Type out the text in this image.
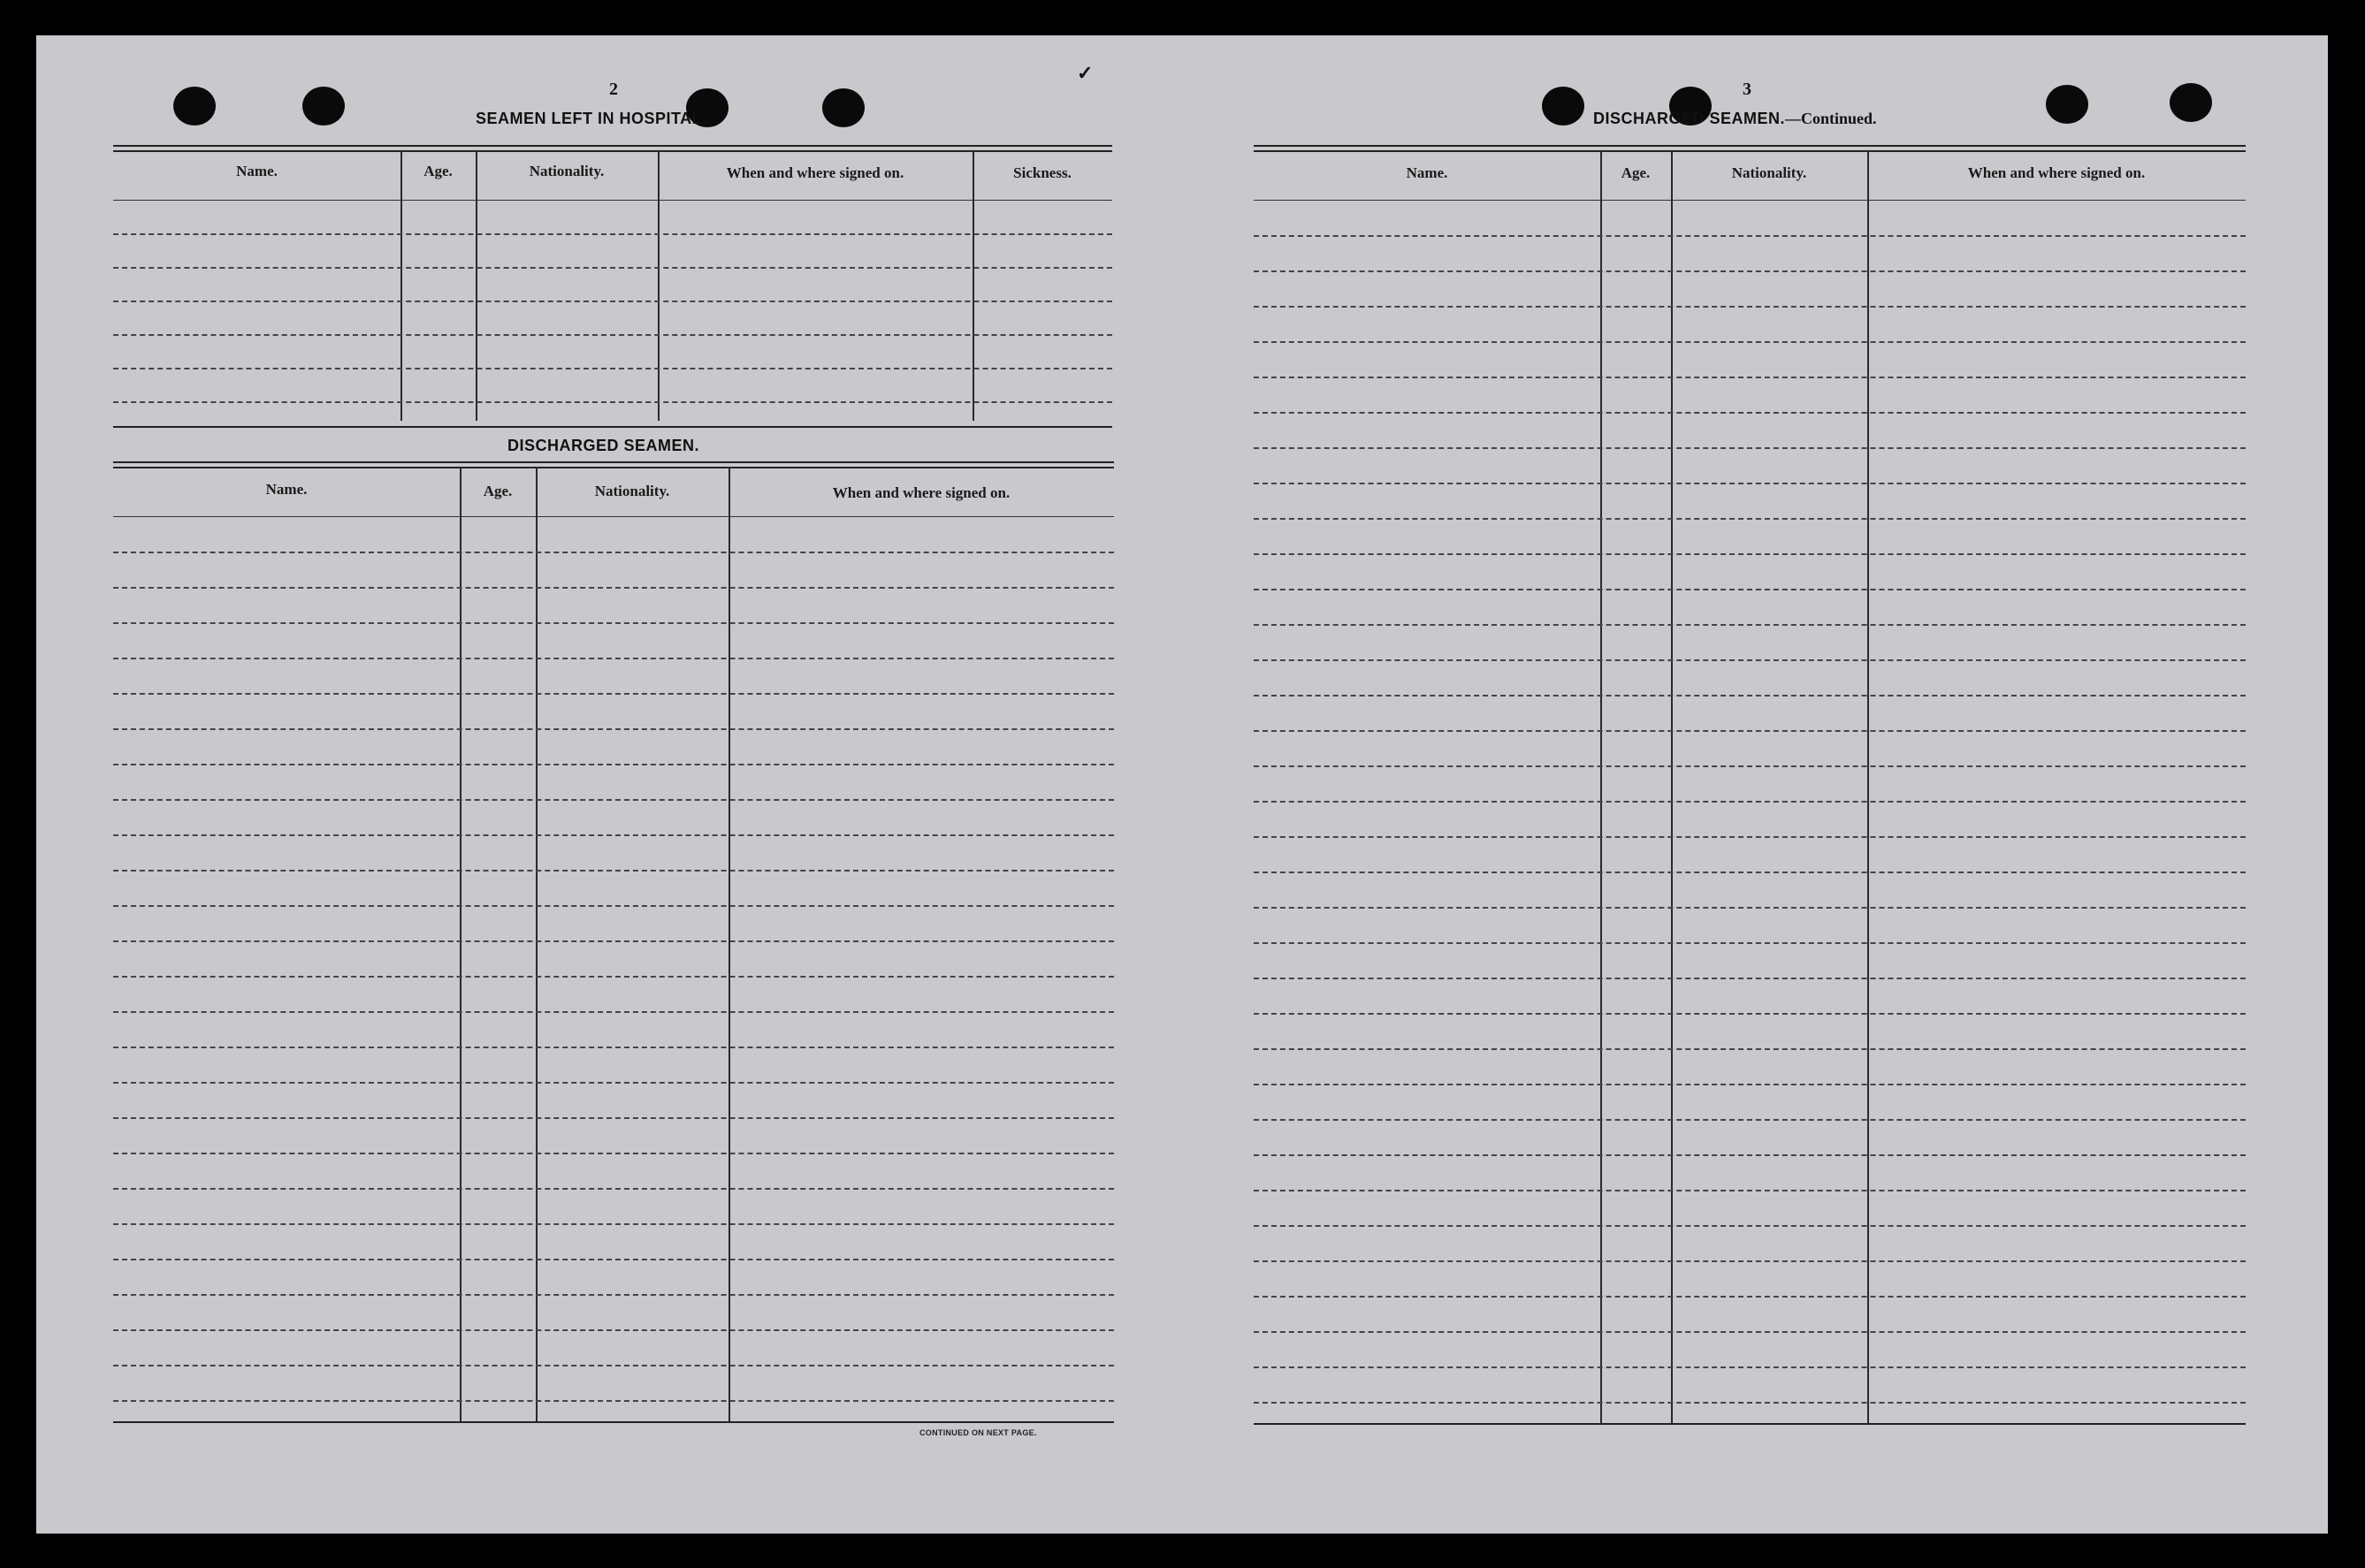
✓
2
SEAMEN LEFT IN HOSPITAL.
Name.	Age.	Nationality.	When and where signed on.	Sickness.
DISCHARGED SEAMEN.
Name.	Age.	Nationality.	When and where signed on.
CONTINUED ON NEXT PAGE.
3
DISCHARGED SEAMEN.—Continued.
Name.	Age.	Nationality.	When and where signed on.
